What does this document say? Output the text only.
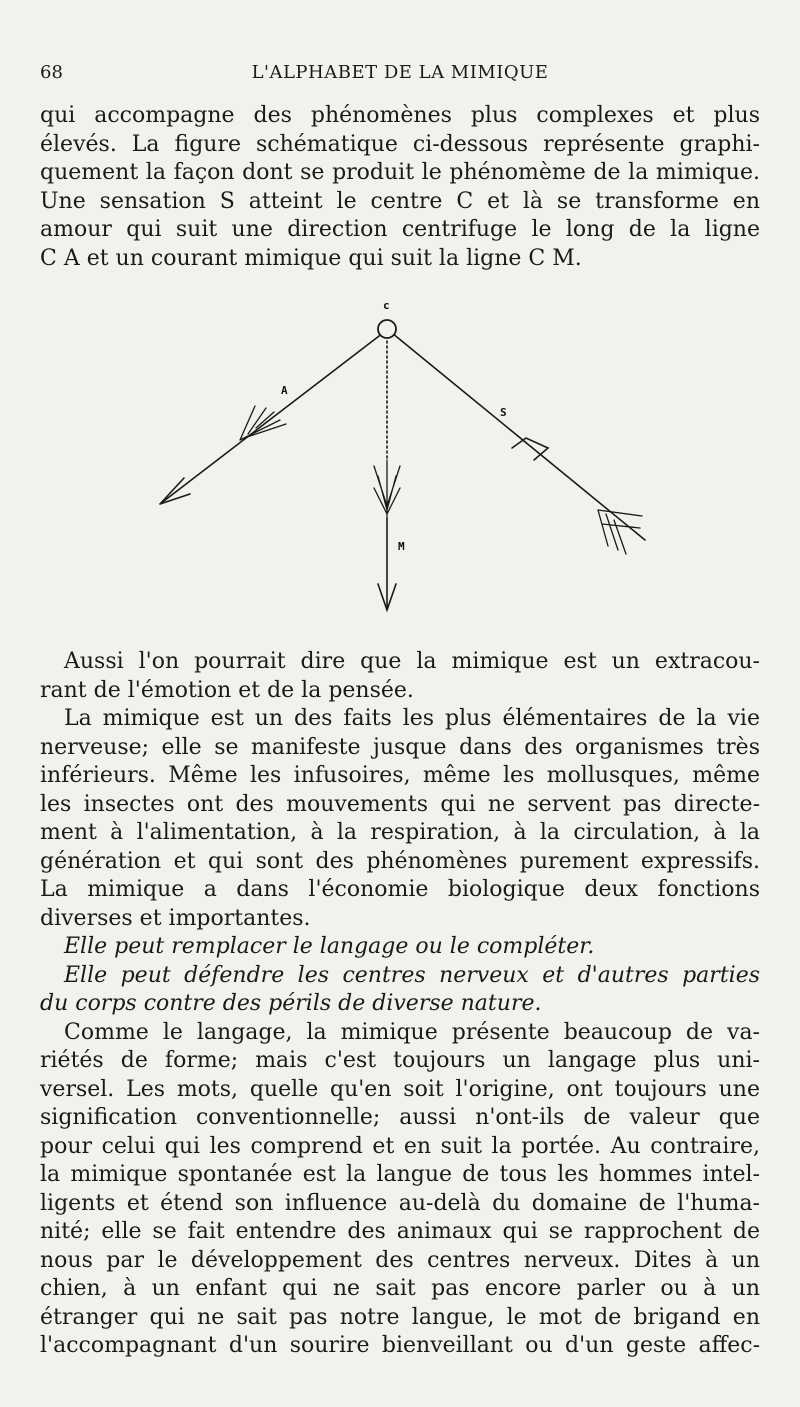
68	L'ALPHABET DE LA MIMIQUE
qui accompagne des phénomènes plus complexes et plus
élevés. La figure schématique ci-dessous représente graphi-
quement la façon dont se produit le phénomème de la mimique.
Une sensation S atteint le centre C et là se transforme en
amour qui suit une direction centrifuge le long de la ligne
C A et un courant mimique qui suit la ligne C M.
c
A
S
M
Aussi l'on pourrait dire que la mimique est un extracou-
rant de l'émotion et de la pensée.
La mimique est un des faits les plus élémentaires de la vie
nerveuse; elle se manifeste jusque dans des organismes très
inférieurs. Même les infusoires, même les mollusques, même
les insectes ont des mouvements qui ne servent pas directe-
ment à l'alimentation, à la respiration, à la circulation, à la
génération et qui sont des phénomènes purement expressifs.
La mimique a dans l'économie biologique deux fonctions
diverses et importantes.
Elle peut remplacer le langage ou le compléter.
Elle peut défendre les centres nerveux et d'autres parties
du corps contre des périls de diverse nature.
Comme le langage, la mimique présente beaucoup de va-
riétés de forme; mais c'est toujours un langage plus uni-
versel. Les mots, quelle qu'en soit l'origine, ont toujours une
signification conventionnelle; aussi n'ont-ils de valeur que
pour celui qui les comprend et en suit la portée. Au contraire,
la mimique spontanée est la langue de tous les hommes intel-
ligents et étend son influence au-delà du domaine de l'huma-
nité; elle se fait entendre des animaux qui se rapprochent de
nous par le développement des centres nerveux. Dites à un
chien, à un enfant qui ne sait pas encore parler ou à un
étranger qui ne sait pas notre langue, le mot de brigand en
l'accompagnant d'un sourire bienveillant ou d'un geste affec-
